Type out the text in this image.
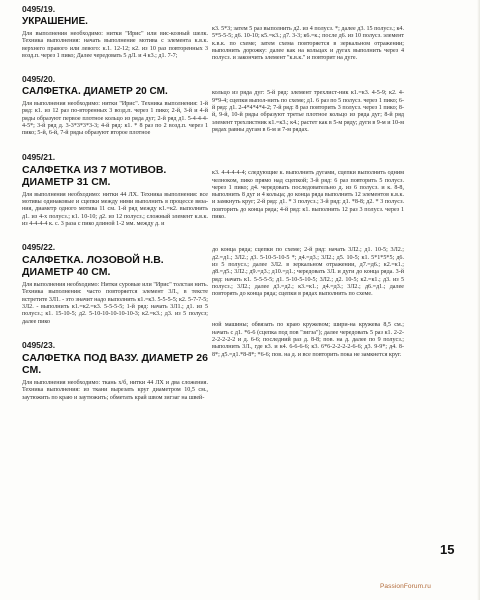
0495/19.
УКРАШЕНИЕ.

Для выполнения необходимо: нитки "Ирис" или вис-козный шелк. Техника выполнения: начать выполнение мотива с элемента к.в.к. верхнего правого или левого: к.1. 12-12; к2. из 10 раз повторенных 3 возд.п. через 1 пико; Далее чередовать 5 дЛ. и 4 к3.; д1. 7-7;

0495/20.
САЛФЕТКА. ДИАМЕТР 20 СМ.

Для выполнения необходимо: нитки "Ирис". Техника выполнения: 1-й ряд: к1. из 12 раз по-вторенных 3 возд.п. через 1 пико; 2-й, 3-й и 4-й ряды образуют первое плотное кольцо из ряда дуг; 2-й ряд д1. 5-4-4-4-4-5*; 3-й ряд д. 3-3*3*3*3-3; 4-й ряд: к1. * 8 раз по 2 возд.п. через 1 пико; 5-й, 6-й, 7-й ряды образуют второе плотное

0495/21.
САЛФЕТКА ИЗ 7 МОТИВОВ. ДИАМЕТР 31 СМ.

Для выполнения необходимо: нитки 44 ЛХ. Техника выполнения: все мотивы одинаковые и сцепки между ними выполнить в процессе вяза-ния, диаметр одного мотива 11 см. 1-й ряд между к1.=к2. выполнить д1. из 4-х полусз.; к1. 10-10; д2. из 12 полусз.; сложный элемент к.в.к. из 4-4-4-4 к. с. 3 раза с пико длиной 1-2 мм. между д. и

0495/22.
САЛФЕТКА. ЛОЗОВОЙ Н.В. ДИАМЕТР 40 СМ.

Для выполнения необходимо: Нитки суровые или "Ирис" толстая нить. Техника выполнения: часто повторяется элемент 3Л., в тексте встретите 3Л1. - это значит надо выполнить к1.=к3. 5-5-5-5; к2. 5-7-7-5; 3Л2. - выполнить к1.=к2.=к3. 5-5-5-5; 1-й ряд: начать 3Л1.; д1. из 5 полусз.; к1. 15-10-5; д2. 5-10-10-10-10-10-3; к2.=к3.; д3. из 5 полусз; далее пико

0495/23.
САЛФЕТКА ПОД ВАЗУ. ДИАМЕТР 26 СМ.

Для выполнения необходимо: ткань х/б, нитки 44 ЛХ и два сложения. Техника выполнения: из ткани вырезать круг диаметром 10,5 см., заутюжить по краю и заутюжить; обметать край швом зигзаг на швей-

к3. 5*3; затем 5 раз выполнить д2. из 4 полусз. *; далее д3. 15 полусз.; к4. 5*5-5-5; д6. 10-10; к5.=к3.; д7. 3-3; к6.=к.; после д6. из 10 полусз. элемент к.в.к. по схеме; затем схема повторяется в зеркальном отражении; выполнить дорожку: далее как на кольцах и дугах выполнить через 4 полусз. и закончить элемент "к.в.к." и повторит на дуге.

кольцо из ряда дуг: 5-й ряд: элемент трехлист-ник к1.=к3. 4-5-9; к2. 4-9*9-4; сцепки выпол-нить по схеме; д1. 6 раз по 5 полусз. через 1 пико; 6-й ряд: д1. 2-4*4*4*4-2; 7-й ряд: 8 раз повторить 3 полусз. через 1 пико; 8-й, 9-й, 10-й ряды образуют третье плотное кольцо из ряда дуг; 8-й ряд элемент трехлистник к1.=к3.; к4.; растет как в 5-м ряду; дуги в 9-м и 10-м рядах равны дугам в 6-м и 7-м рядах.

к3. 4-4-4-4-4; следующие к. выполнить дугами, сцепки выполнить одним челноком, пико прямо над сцепкой; 3-й ряд: 6 раз повторить 5 полусз. через 1 пико; д4. чередовать последовательно д. из 6 полусз. и к. 8-8, выполнить 8 дуг и 4 кольца; до конца ряда выполнить 12 элементов к.в.к. и замкнуть круг; 2-й ряд: д1. * 3 полусз.; 3-й ряд: д1. *8-8; д2. * 3 полусз. повторить до конца ряда; 4-й ряд: к1. выполнить 12 раз 3 полусз. через 1 пико.

до конца ряда; сцепки по схеме; 2-й ряд: начать 3Л2.; д1. 10-5; 3Л2.; д2.=д1.; 3Л2.; д3. 5-10-5-10-5 *; д4.=д3.; 3Л2.; д5. 10-5; к1. 5*1*5*5; д6. из 5 полусз.; далее 3Л2. в зеркальном отражении, д7.=д6.; к2.=к1.; д8.=д5.; 3Л2.; д9.=д3.; д10.=д1.; чередовать 3Л. и дуги до конца ряда. 3-й ряд: начать к1. 5-5-5-5; д1. 5-10-5-10-5; 3Л2.; д2. 10-5; к2.=к1.; д3. из 5 полусз.; 3Л2.; далее д3.=д2.; к3.=к1.; д4.=д3.; 3Л2.; д6.=д1.; далее повторять до конца ряда; сцепки в рядах выполнить по схеме.

ной машины; обвязать по краю кружевом; шири-на кружева 8,5 см.; начать с д1. *6-6 (сцепка под пов "зигза"); далее чередовать 5 раз к1. 2-2-2-2-2-2-2 и д. 6-6; последний раз д. 8-8; пов. на д. далее по 9 полусз.; выполнить 3Л., где к3. и к4. 6-6-6-6; к3. 6*6-2-2-2-2-6-6; д3. 9-9*; д4. 8-8*; д5.=д1.*8-8*; *6-6; пов. на д. и все повторить пока не замкнется круг.

15
PassionForum.ru
